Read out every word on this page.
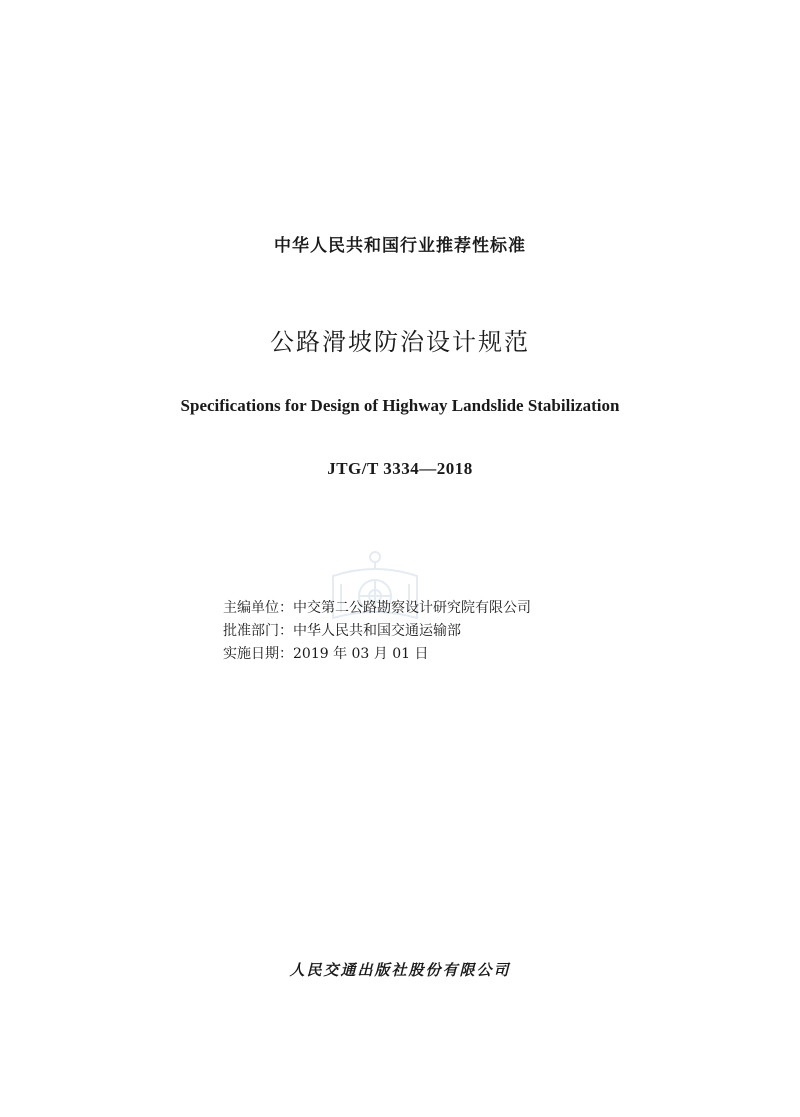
中华人民共和国行业推荐性标准
公路滑坡防治设计规范
Specifications for Design of Highway Landslide Stabilization
JTG/T 3334—2018
主编单位：中交第二公路勘察设计研究院有限公司
批准部门：中华人民共和国交通运输部
实施日期：2019 年 03 月 01 日
人民交通出版社股份有限公司
